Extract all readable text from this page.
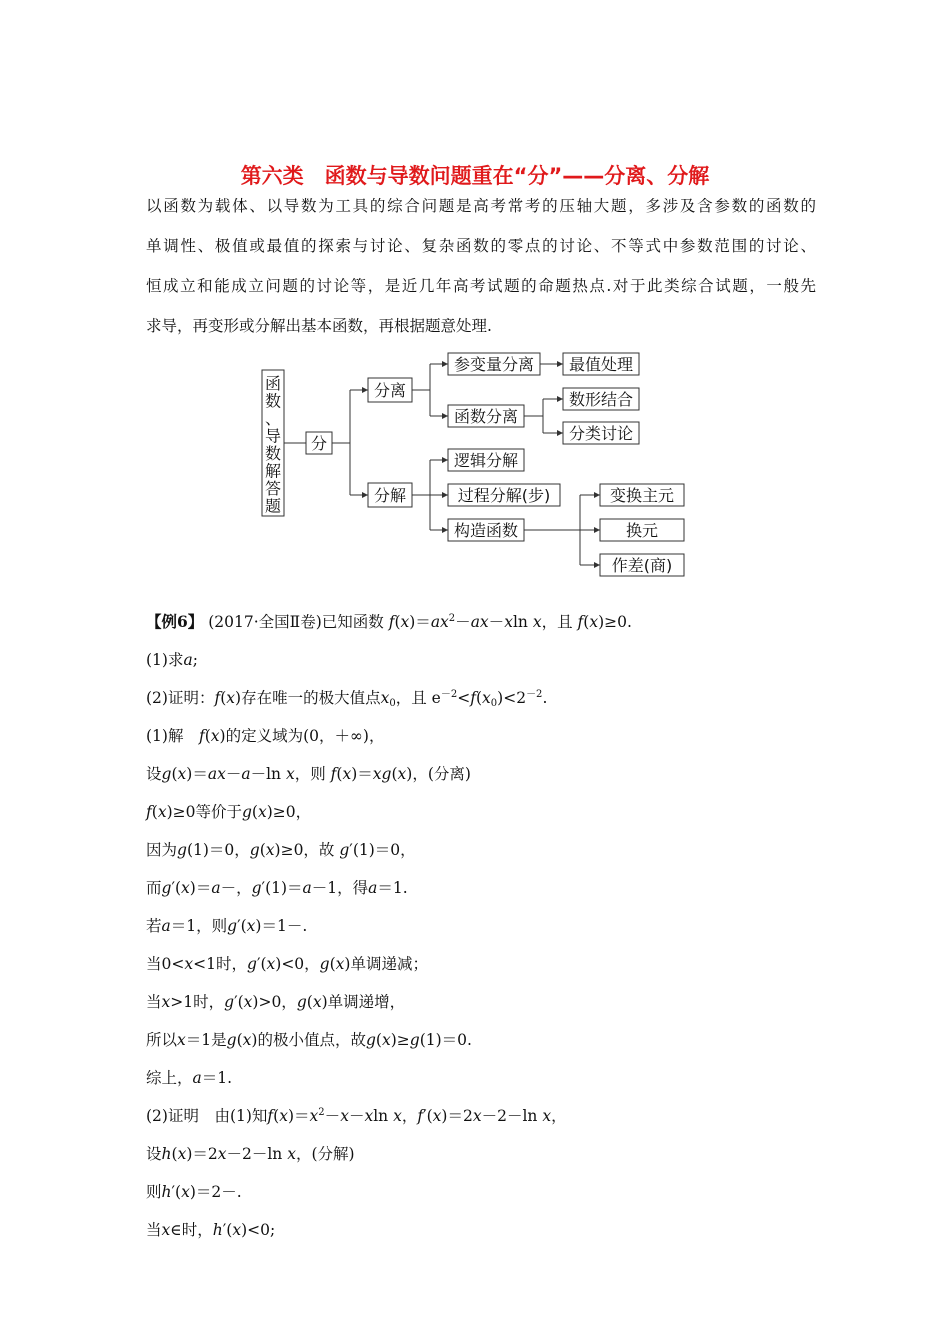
第六类　函数与导数问题重在“分”——分离、分解
以函数为载体、以导数为工具的综合问题是高考常考的压轴大题，多涉及含参数的函数的
单调性、极值或最值的探索与讨论、复杂函数的零点的讨论、不等式中参数范围的讨论、
恒成立和能成立问题的讨论等，是近几年高考试题的命题热点.对于此类综合试题，一般先
求导，再变形或分解出基本函数，再根据题意处理.
函数、导数解答题
分
分离
分解
参变量分离
函数分离
最值处理
数形结合
分类讨论
逻辑分解
过程分解(步)
构造函数
变换主元
换元
作差(商)
【例6】 (2017·全国Ⅱ卷)已知函数 $f(x)=ax^2-ax-xln$ x，且 f(x)≥0.
(1)求a;
(2)证明：f(x)存在唯一的极大值点$x_0$，且 $e^{-2}<f(x_0)<2^{-2}$.
(1)解　f(x)的定义域为(0，＋∞)，
设g(x)＝ax－a－ln x，则 f(x)＝xg(x)，(分离)
f(x)≥0等价于g(x)≥0，
因为g(1)＝0，g(x)≥0，故 g′(1)＝0，
而g′(x)＝a－，g′(1)＝a－1，得a＝1.
若a＝1，则g′(x)＝1－.
当0<x<1时，g′(x)<0，g(x)单调递减；
当x>1时，g′(x)>0，g(x)单调递增，
所以x＝1是g(x)的极小值点，故g(x)≥g(1)＝0.
综上，a＝1.
(2)证明　由(1)知$f(x)=x^2-x-xln$ x，f′(x)＝2x－2－ln x，
设h(x)＝2x－2－ln x，(分解)
则h′(x)＝2－.
当x∈时，h′(x)<0;
